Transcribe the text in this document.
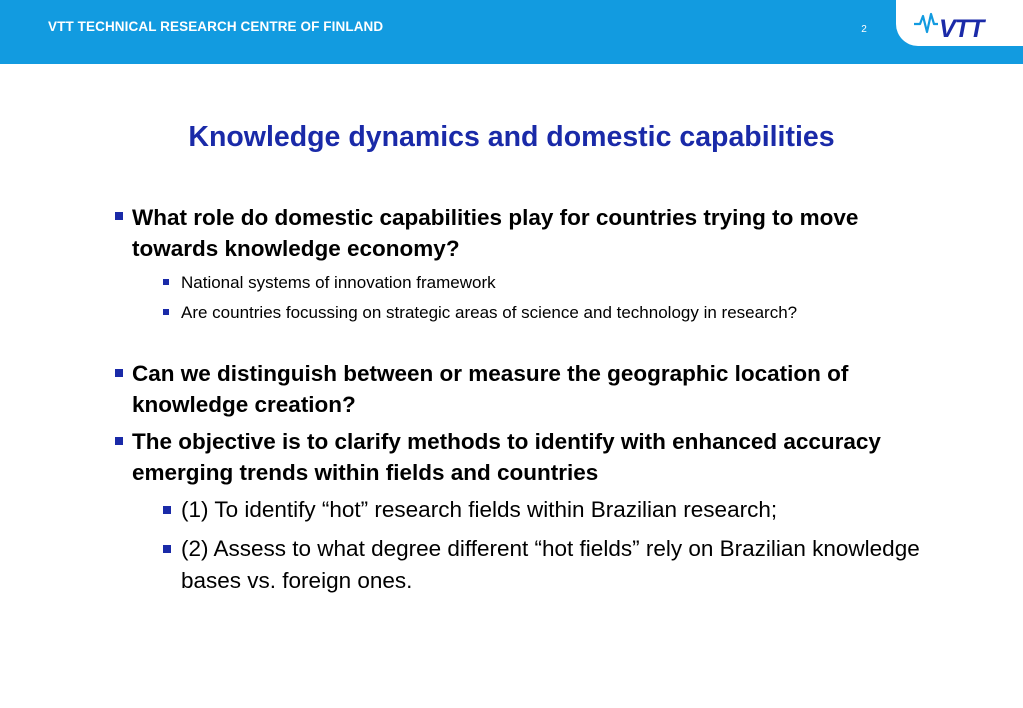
VTT TECHNICAL RESEARCH CENTRE OF FINLAND	2	VTT
Knowledge dynamics and domestic capabilities
What role do domestic capabilities play for countries trying to move towards knowledge economy?
National systems of innovation framework
Are countries focussing on strategic areas of science and technology in research?
Can we distinguish between or measure the geographic location of knowledge creation?
The objective is to clarify methods to identify with enhanced accuracy emerging trends within fields and countries
(1) To identify “hot” research fields within Brazilian research;
(2) Assess to what degree different “hot fields” rely on Brazilian knowledge bases vs. foreign ones.
